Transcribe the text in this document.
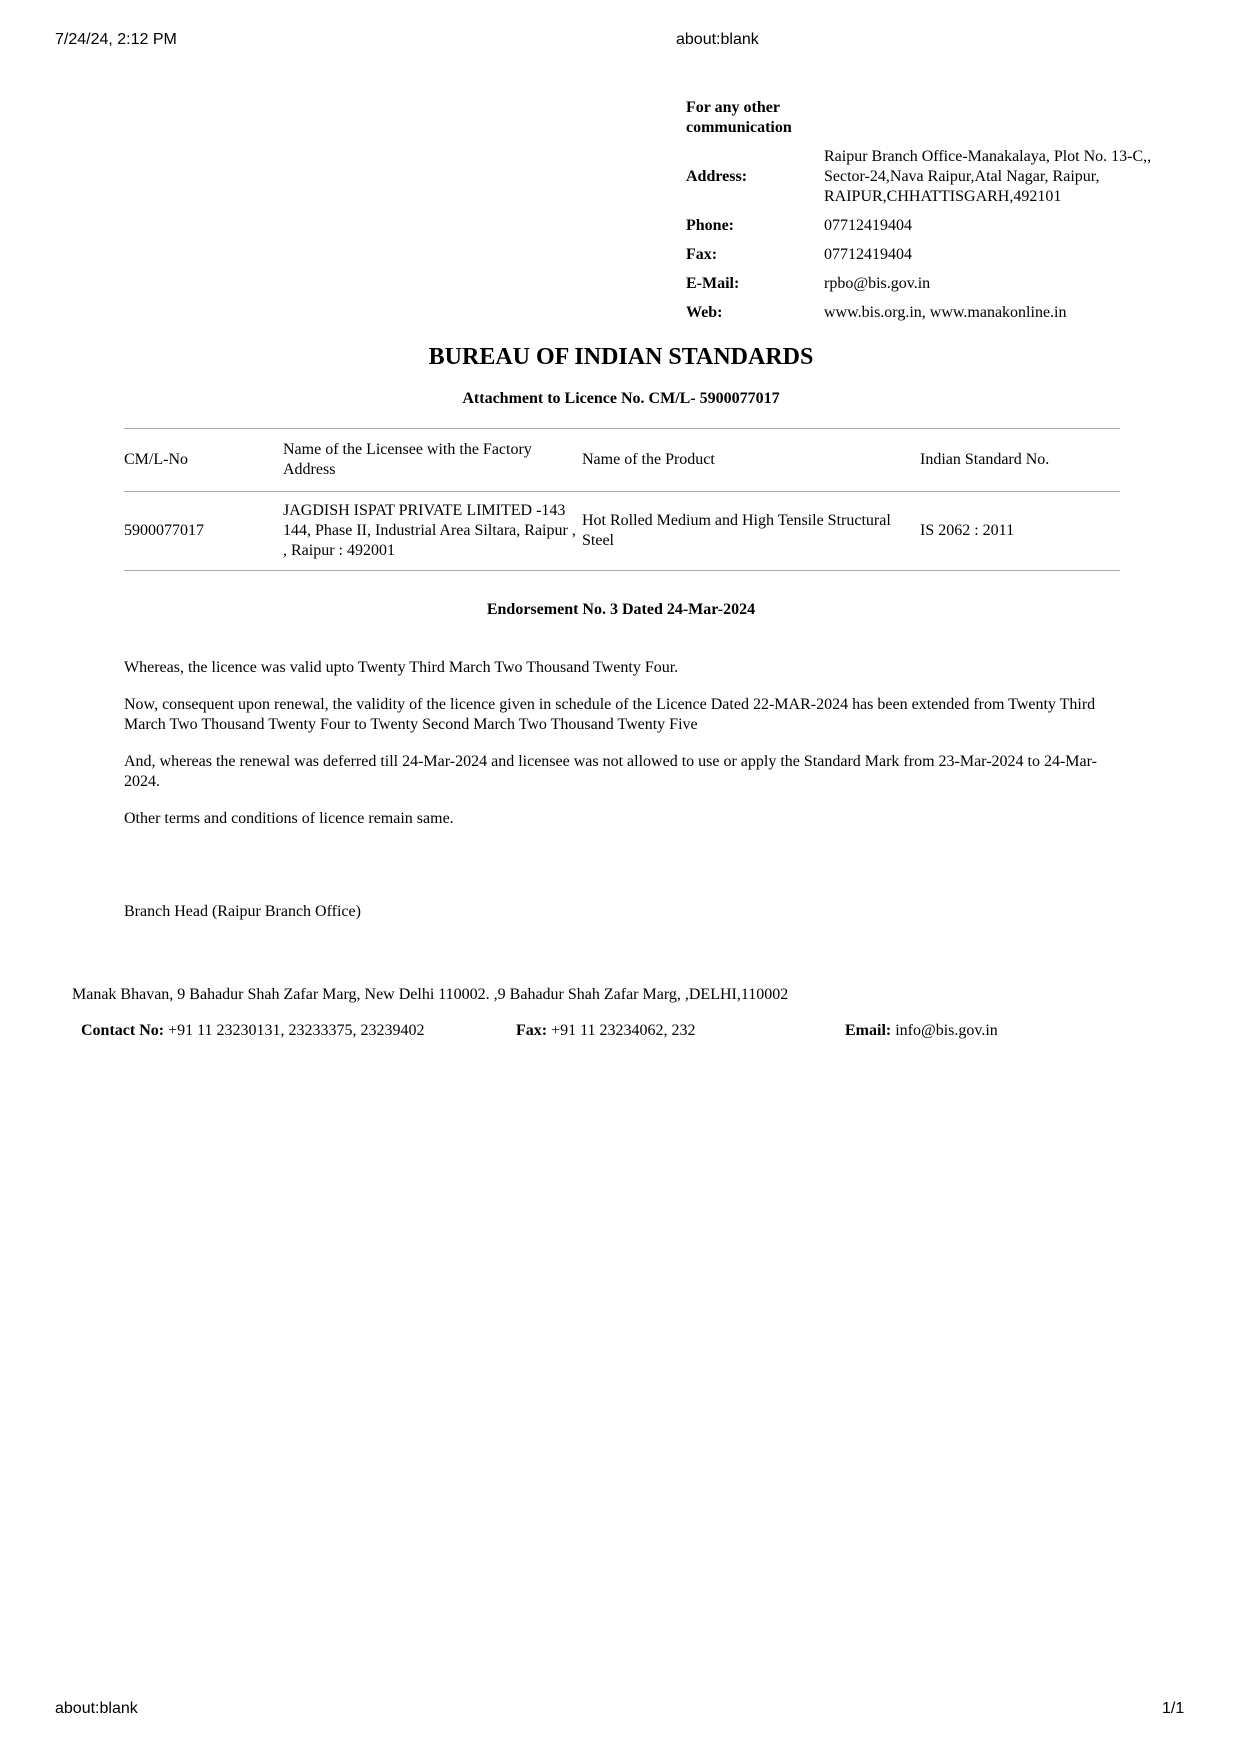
7/24/24, 2:12 PM	about:blank
For any other communication
Address:
Raipur Branch Office-Manakalaya, Plot No. 13-C,, Sector-24,Nava Raipur,Atal Nagar, Raipur, RAIPUR,CHHATTISGARH,492101
Phone:	07712419404
Fax:	07712419404
E-Mail:	rpbo@bis.gov.in
Web:	www.bis.org.in, www.manakonline.in
BUREAU OF INDIAN STANDARDS
Attachment to Licence No. CM/L- 5900077017
CM/L-No	Name of the Licensee with the Factory Address	Name of the Product	Indian Standard No.
5900077017	JAGDISH ISPAT PRIVATE LIMITED -143 144, Phase II, Industrial Area Siltara, Raipur , , Raipur : 492001	Hot Rolled Medium and High Tensile Structural Steel	IS 2062 : 2011
Endorsement No. 3 Dated 24-Mar-2024
Whereas, the licence was valid upto Twenty Third March Two Thousand Twenty Four.
Now, consequent upon renewal, the validity of the licence given in schedule of the Licence Dated 22-MAR-2024 has been extended from Twenty Third March Two Thousand Twenty Four to Twenty Second March Two Thousand Twenty Five
And, whereas the renewal was deferred till 24-Mar-2024 and licensee was not allowed to use or apply the Standard Mark from 23-Mar-2024 to 24-Mar-2024.
Other terms and conditions of licence remain same.
Branch Head (Raipur Branch Office)
Manak Bhavan, 9 Bahadur Shah Zafar Marg, New Delhi 110002. ,9 Bahadur Shah Zafar Marg, ,DELHI,110002
Contact No: +91 11 23230131, 23233375, 23239402	Fax: +91 11 23234062, 232	Email: info@bis.gov.in
about:blank	1/1
